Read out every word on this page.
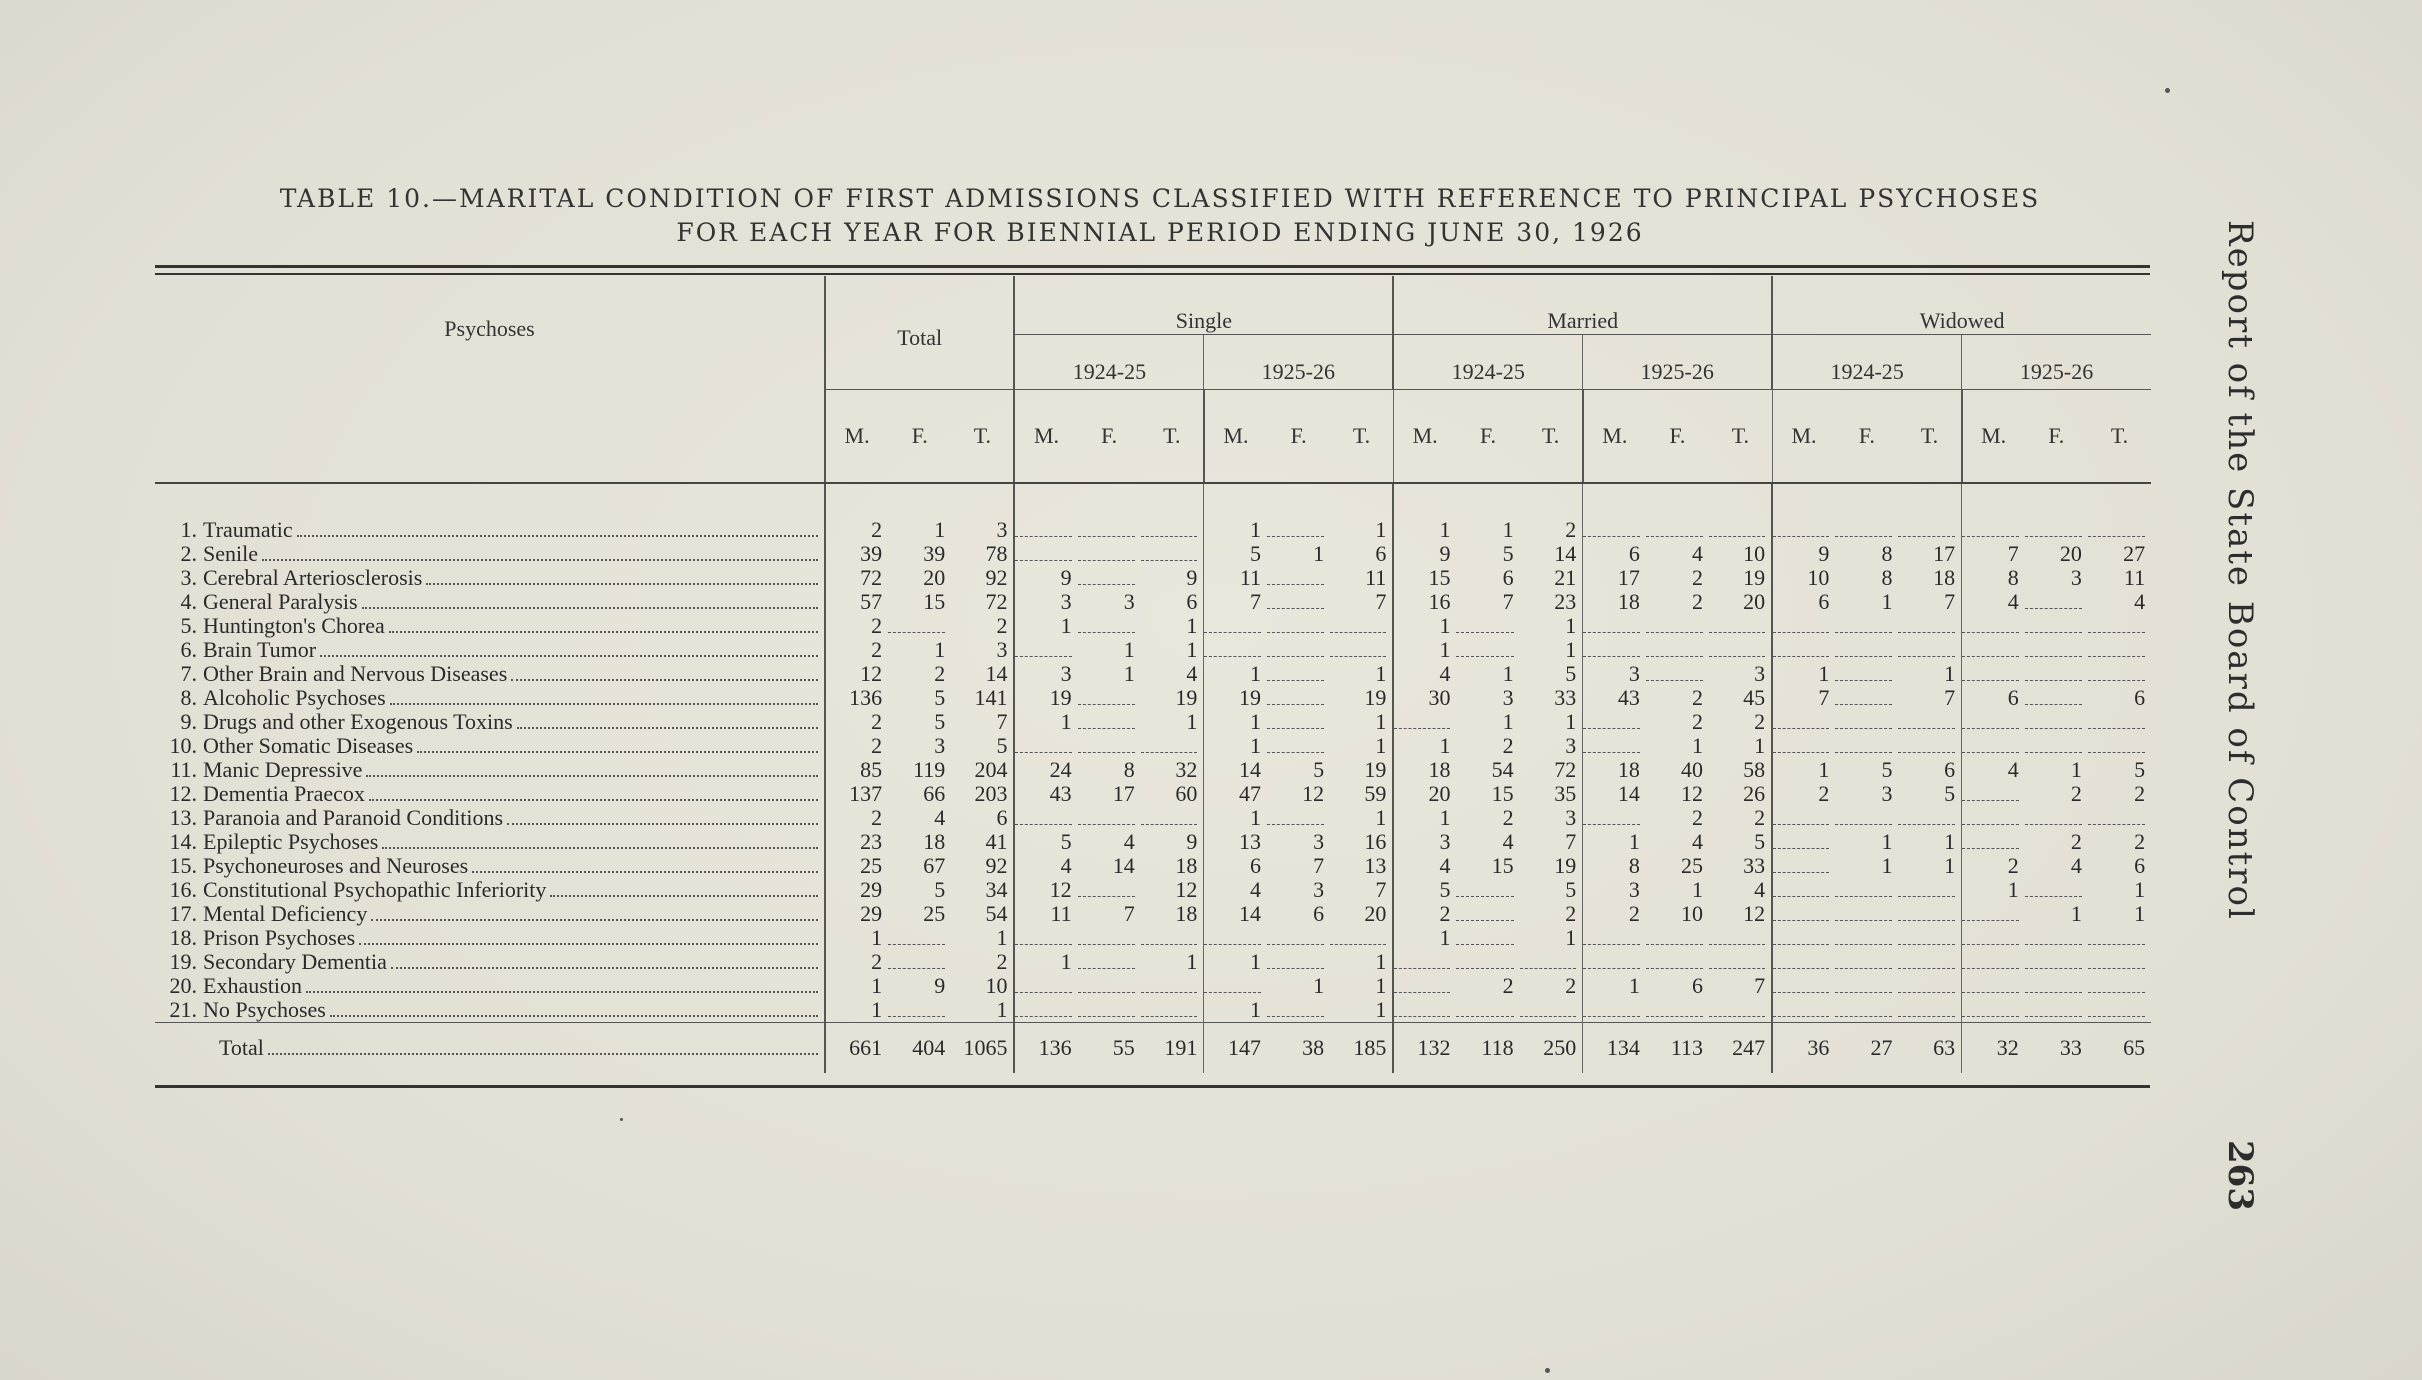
TABLE 10.—MARITAL CONDITION OF FIRST ADMISSIONS CLASSIFIED WITH REFERENCE TO PRINCIPAL PSYCHOSES
FOR EACH YEAR FOR BIENNIAL PERIOD ENDING JUNE 30, 1926
Psychoses	Total			Single						Married						Widowed					
				1924-25			1925-26			1924-25			1925-26			1924-25			1925-26		
	M.	F.	T.	M.	F.	T.	M.	F.	T.	M.	F.	T.	M.	F.	T.	M.	F.	T.	M.	F.	T.

1. Traumatic	2	1	3				1		1	1	1	2									

2. Senile	39	39	78				5	1	6	9	5	14	6	4	10	9	8	17	7	20	27

3. Cerebral Arteriosclerosis	72	20	92	9		9	11		11	15	6	21	17	2	19	10	8	18	8	3	11

4. General Paralysis	57	15	72	3	3	6	7		7	16	7	23	18	2	20	6	1	7	4		4

5. Huntington's Chorea	2		2	1		1				1		1									

6. Brain Tumor	2	1	3		1	1				1		1									

7. Other Brain and Nervous Diseases	12	2	14	3	1	4	1		1	4	1	5	3		3	1		1			

8. Alcoholic Psychoses	136	5	141	19		19	19		19	30	3	33	43	2	45	7		7	6		6

9. Drugs and other Exogenous Toxins	2	5	7	1		1	1		1		1	1		2	2						

10. Other Somatic Diseases	2	3	5				1		1	1	2	3		1	1						

11. Manic Depressive	85	119	204	24	8	32	14	5	19	18	54	72	18	40	58	1	5	6	4	1	5

12. Dementia Praecox	137	66	203	43	17	60	47	12	59	20	15	35	14	12	26	2	3	5		2	2

13. Paranoia and Paranoid Conditions	2	4	6				1		1	1	2	3		2	2						

14. Epileptic Psychoses	23	18	41	5	4	9	13	3	16	3	4	7	1	4	5		1	1		2	2

15. Psychoneuroses and Neuroses	25	67	92	4	14	18	6	7	13	4	15	19	8	25	33		1	1	2	4	6

16. Constitutional Psychopathic Inferiority	29	5	34	12		12	4	3	7	5		5	3	1	4				1		1

17. Mental Deficiency	29	25	54	11	7	18	14	6	20	2		2	2	10	12					1	1

18. Prison Psychoses	1		1							1		1									

19. Secondary Dementia	2		2	1		1	1		1												

20. Exhaustion	1	9	10					1	1		2	2	1	6	7						

21. No Psychoses	1		1				1		1												

Total	661	404	1065	136	55	191	147	38	185	132	118	250	134	113	247	36	27	63	32	33	65
Report of the State Board of Control
263
